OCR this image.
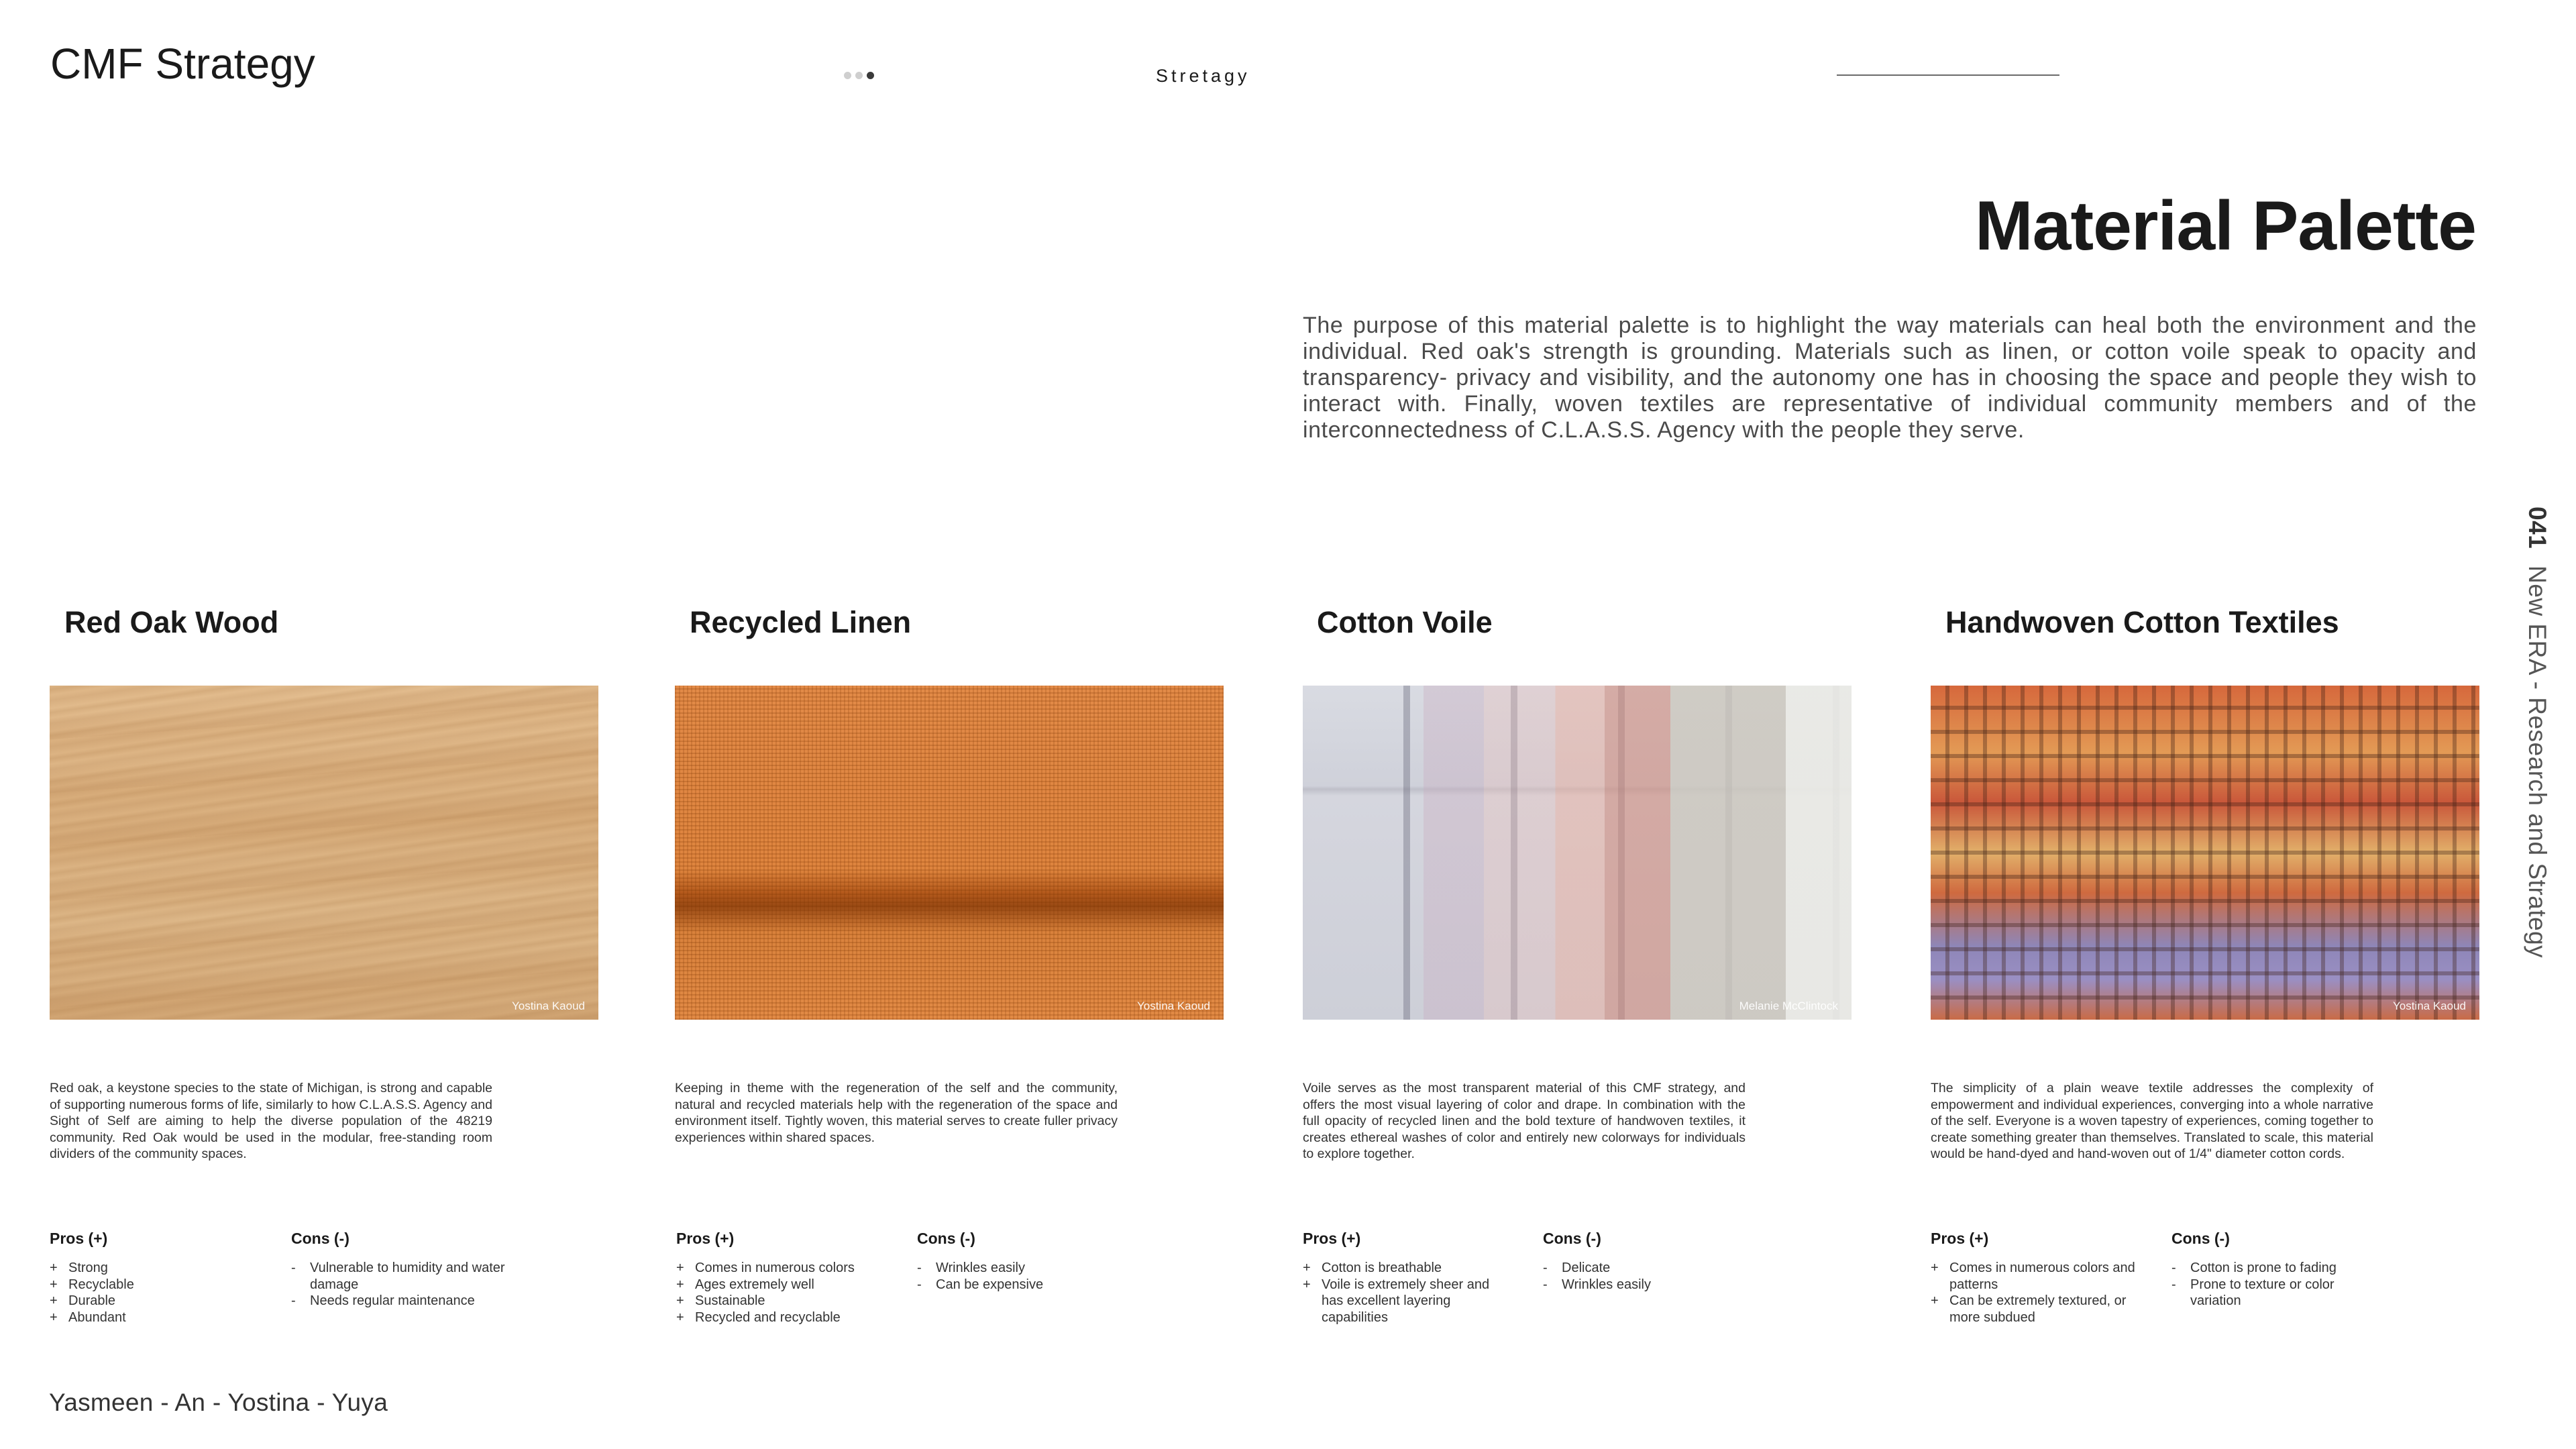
CMF Strategy	Stretagy
Material Palette
The purpose of this material palette is to highlight the way materials can heal both the environment and the individual. Red oak's strength is grounding. Materials such as linen, or cotton voile speak to opacity and transparency- privacy and visibility, and the autonomy one has in choosing the space and people they wish to interact with. Finally, woven textiles are representative of individual community members and of the interconnectedness of C.L.A.S.S. Agency with the people they serve.
041 New ERA - Research and Strategy
Red Oak Wood
Yostina Kaoud
Red oak, a keystone species to the state of Michigan, is strong and capable of supporting numerous forms of life, similarly to how C.L.A.S.S. Agency and Sight of Self are aiming to help the diverse population of the 48219 community. Red Oak would be used in the modular, free-standing room dividers of the community spaces.
Pros (+)
+ Strong
+ Recyclable
+ Durable
+ Abundant
Cons (-)
- Vulnerable to humidity and water damage
- Needs regular maintenance
Recycled Linen
Yostina Kaoud
Keeping in theme with the regeneration of the self and the community, natural and recycled materials help with the regeneration of the space and environment itself. Tightly woven, this material serves to create fuller privacy experiences within shared spaces.
Pros (+)
+ Comes in numerous colors
+ Ages extremely well
+ Sustainable
+ Recycled and recyclable
Cons (-)
- Wrinkles easily
- Can be expensive
Cotton Voile
Melanie McClintock
Voile serves as the most transparent material of this CMF strategy, and offers the most visual layering of color and drape. In combination with the full opacity of recycled linen and the bold texture of handwoven textiles, it creates ethereal washes of color and entirely new colorways for individuals to explore together.
Pros (+)
+ Cotton is breathable
+ Voile is extremely sheer and has excellent layering capabilities
Cons (-)
- Delicate
- Wrinkles easily
Handwoven Cotton Textiles
Yostina Kaoud
The simplicity of a plain weave textile addresses the complexity of empowerment and individual experiences, converging into a whole narrative of the self. Everyone is a woven tapestry of experiences, coming together to create something greater than themselves. Translated to scale, this material would be hand-dyed and hand-woven out of 1/4" diameter cotton cords.
Pros (+)
+ Comes in numerous colors and patterns
+ Can be extremely textured, or more subdued
Cons (-)
- Cotton is prone to fading
- Prone to texture or color variation
Yasmeen - An - Yostina - Yuya
